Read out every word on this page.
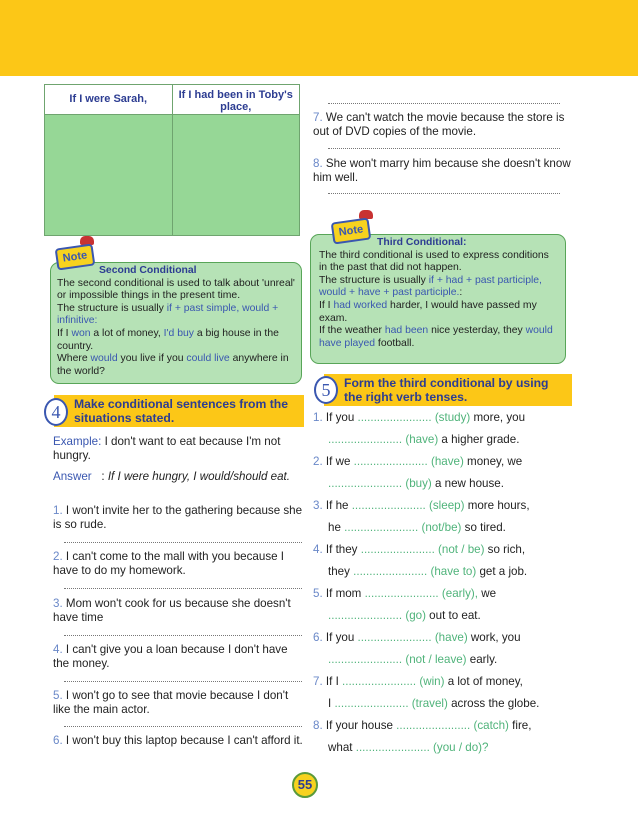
If I were Sarah,	If I had been in Toby's place,
Second Conditional
The second conditional is used to talk about 'unreal' or impossible things in the present time.
The structure is usually if + past simple, would + infinitive:
If I won a lot of money, I'd buy a big house in the country.
Where would you live if you could live anywhere in the world?
Note
Make conditional sentences from the situations stated.
4
Example: I don't want to eat because I'm not hungry.
Answer : If I were hungry, I would/should eat.
1. I won't invite her to the gathering because she is so rude.
2. I can't come to the mall with you because I have to do my homework.
3. Mom won't cook for us because she doesn't have time
4. I can't give you a loan because I don't have the money.
5. I won't go to see that movie because I don't like the main actor.
6. I won't buy this laptop because I can't afford it.
7. We can't watch the movie because the store is out of DVD copies of the movie.
8. She won't marry him because she doesn't know him well.
Third Conditional:
The third conditional is used to express conditions in the past that did not happen.
The structure is usually if + had + past participle, would + have + past participle.:
If I had worked harder, I would have passed my exam.
If the weather had been nice yesterday, they would have played football.
Note
Form the third conditional by using the right verb tenses.
5
1. If you ....................... (study) more, you
....................... (have) a higher grade.
2. If we ....................... (have) money, we
....................... (buy) a new house.
3. If he ....................... (sleep) more hours,
he ....................... (not/be) so tired.
4. If they ....................... (not / be) so rich,
they ....................... (have to) get a job.
5. If mom ....................... (early), we
....................... (go) out to eat.
6. If you ....................... (have) work, you
....................... (not / leave) early.
7. If I ....................... (win) a lot of money,
I ....................... (travel) across the globe.
8. If your house ....................... (catch) fire,
what ....................... (you / do)?
55
